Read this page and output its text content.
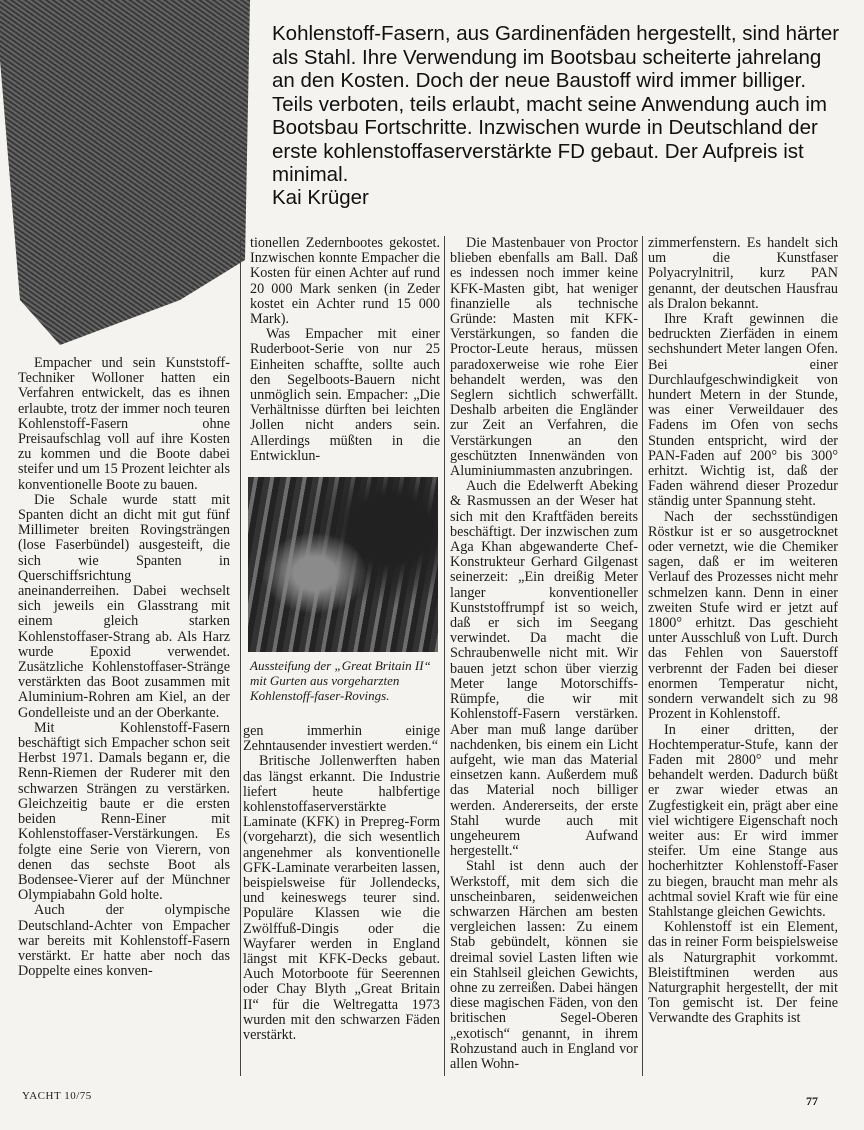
Kohlenstoff-Fasern, aus Gardinenfäden hergestellt, sind härter als Stahl. Ihre Verwendung im Bootsbau scheiterte jahrelang an den Kosten. Doch der neue Baustoff wird immer billiger. Teils verboten, teils erlaubt, macht seine Anwendung auch im Bootsbau Fortschritte. Inzwischen wurde in Deutschland der erste kohlenstoffaserverstärkte FD gebaut. Der Aufpreis ist minimal.
Kai Krüger

Empacher und sein Kunststoff-Techniker Wolloner hatten ein Verfahren entwickelt, das es ihnen erlaubte, trotz der immer noch teuren Kohlenstoff-Fasern ohne Preisaufschlag voll auf ihre Kosten zu kommen und die Boote dabei steifer und um 15 Prozent leichter als konventionelle Boote zu bauen.

Die Schale wurde statt mit Spanten dicht an dicht mit gut fünf Millimeter breiten Rovingsträngen (lose Faserbündel) ausgesteift, die sich wie Spanten in Querschiffsrichtung aneinanderreihen. Dabei wechselt sich jeweils ein Glasstrang mit einem gleich starken Kohlenstoffaser-Strang ab. Als Harz wurde Epoxid verwendet. Zusätzliche Kohlenstoffaser-Stränge verstärkten das Boot zusammen mit Aluminium-Rohren am Kiel, an der Gondelleiste und an der Oberkante.

Mit Kohlenstoff-Fasern beschäftigt sich Empacher schon seit Herbst 1971. Damals begann er, die Renn-Riemen der Ruderer mit den schwarzen Strängen zu verstärken. Gleichzeitig baute er die ersten beiden Renn-Einer mit Kohlenstoffaser-Verstärkungen. Es folgte eine Serie von Vierern, von denen das sechste Boot als Bodensee-Vierer auf der Münchner Olympiabahn Gold holte.

Auch der olympische Deutschland-Achter von Empacher war bereits mit Kohlenstoff-Fasern verstärkt. Er hatte aber noch das Doppelte eines konven-

tionellen Zedernbootes gekostet. Inzwischen konnte Empacher die Kosten für einen Achter auf rund 20 000 Mark senken (in Zeder kostet ein Achter rund 15 000 Mark).

Was Empacher mit einer Ruderboot-Serie von nur 25 Einheiten schaffte, sollte auch den Segelboots-Bauern nicht unmöglich sein. Empacher: „Die Verhältnisse dürften bei leichten Jollen nicht anders sein. Allerdings müßten in die Entwicklun-

Aussteifung der „Great Britain II“ mit Gurten aus vorgeharzten Kohlenstoff-faser-Rovings.

gen immerhin einige Zehntausender investiert werden.“

Britische Jollenwerften haben das längst erkannt. Die Industrie liefert heute halbfertige kohlenstoffaserverstärkte Laminate (KFK) in Prepreg-Form (vorgeharzt), die sich wesentlich angenehmer als konventionelle GFK-Laminate verarbeiten lassen, beispielsweise für Jollendecks, und keineswegs teurer sind. Populäre Klassen wie die Zwölffuß-Dingis oder die Wayfarer werden in England längst mit KFK-Decks gebaut. Auch Motorboote für Seerennen oder Chay Blyth „Great Britain II“ für die Weltregatta 1973 wurden mit den schwarzen Fäden verstärkt.

Die Mastenbauer von Proctor blieben ebenfalls am Ball. Daß es indessen noch immer keine KFK-Masten gibt, hat weniger finanzielle als technische Gründe: Masten mit KFK-Verstärkungen, so fanden die Proctor-Leute heraus, müssen paradoxerweise wie rohe Eier behandelt werden, was den Seglern sichtlich schwerfällt. Deshalb arbeiten die Engländer zur Zeit an Verfahren, die Verstärkungen an den geschützten Innenwänden von Aluminiummasten anzubringen.

Auch die Edelwerft Abeking & Rasmussen an der Weser hat sich mit den Kraftfäden bereits beschäftigt. Der inzwischen zum Aga Khan abgewanderte Chef-Konstrukteur Gerhard Gilgenast seinerzeit: „Ein dreißig Meter langer konventioneller Kunststoffrumpf ist so weich, daß er sich im Seegang verwindet. Da macht die Schraubenwelle nicht mit. Wir bauen jetzt schon über vierzig Meter lange Motorschiffs-Rümpfe, die wir mit Kohlenstoff-Fasern verstärken. Aber man muß lange darüber nachdenken, bis einem ein Licht aufgeht, wie man das Material einsetzen kann. Außerdem muß das Material noch billiger werden. Andererseits, der erste Stahl wurde auch mit ungeheurem Aufwand hergestellt.“

Stahl ist denn auch der Werkstoff, mit dem sich die unscheinbaren, seidenweichen schwarzen Härchen am besten vergleichen lassen: Zu einem Stab gebündelt, können sie dreimal soviel Lasten liften wie ein Stahlseil gleichen Gewichts, ohne zu zerreißen. Dabei hängen diese magischen Fäden, von den britischen Segel-Oberen „exotisch“ genannt, in ihrem Rohzustand auch in England vor allen Wohn-

zimmerfenstern. Es handelt sich um die Kunstfaser Polyacrylnitril, kurz PAN genannt, der deutschen Hausfrau als Dralon bekannt.

Ihre Kraft gewinnen die bedruckten Zierfäden in einem sechshundert Meter langen Ofen. Bei einer Durchlaufgeschwindigkeit von hundert Metern in der Stunde, was einer Verweildauer des Fadens im Ofen von sechs Stunden entspricht, wird der PAN-Faden auf 200° bis 300° erhitzt. Wichtig ist, daß der Faden während dieser Prozedur ständig unter Spannung steht.

Nach der sechsstündigen Röstkur ist er so ausgetrocknet oder vernetzt, wie die Chemiker sagen, daß er im weiteren Verlauf des Prozesses nicht mehr schmelzen kann. Denn in einer zweiten Stufe wird er jetzt auf 1800° erhitzt. Das geschieht unter Ausschluß von Luft. Durch das Fehlen von Sauerstoff verbrennt der Faden bei dieser enormen Temperatur nicht, sondern verwandelt sich zu 98 Prozent in Kohlenstoff.

In einer dritten, der Hochtemperatur-Stufe, kann der Faden mit 2800° und mehr behandelt werden. Dadurch büßt er zwar wieder etwas an Zugfestigkeit ein, prägt aber eine viel wichtigere Eigenschaft noch weiter aus: Er wird immer steifer. Um eine Stange aus hocherhitzter Kohlenstoff-Faser zu biegen, braucht man mehr als achtmal soviel Kraft wie für eine Stahlstange gleichen Gewichts.

Kohlenstoff ist ein Element, das in reiner Form beispielsweise als Naturgraphit vorkommt. Bleistiftminen werden aus Naturgraphit hergestellt, der mit Ton gemischt ist. Der feine Verwandte des Graphits ist

YACHT 10/75	77
